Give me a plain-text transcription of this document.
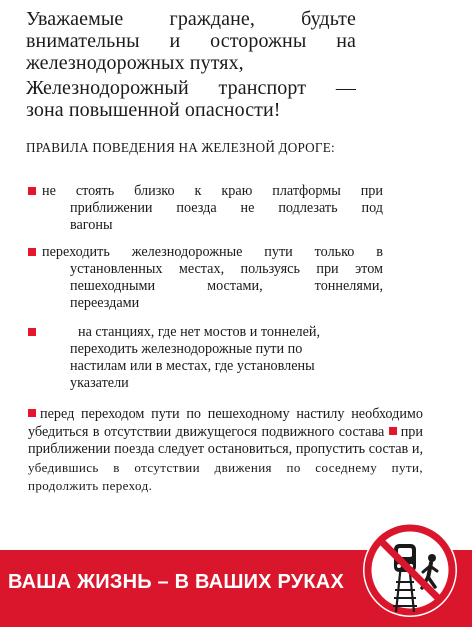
Уважаемые граждане, будьте
внимательны и осторожны на
железнодорожных путях,
Железнодорожный транспорт —
зона повышенной опасности!
ПРАВИЛА ПОВЕДЕНИЯ НА ЖЕЛЕЗНОЙ ДОРОГЕ:
не стоять близко к краю платформы при
приближении поезда не подлезать под
вагоны
переходить железнодорожные пути только в
установленных местах, пользуясь при этом
пешеходными мостами, тоннелями,
переездами
на станциях, где нет мостов и тоннелей,
переходить железнодорожные пути по
настилам или в местах, где установлены
указатели
перед переходом пути по пешеходному настилу необходимо убедиться в отсутствии движущегося подвижного состава при приближении поезда следует остановиться, пропустить состав и, убедившись в отсутствии движения по соседнему пути, продолжить переход.
ВАША ЖИЗНЬ – В ВАШИХ РУКАХ
